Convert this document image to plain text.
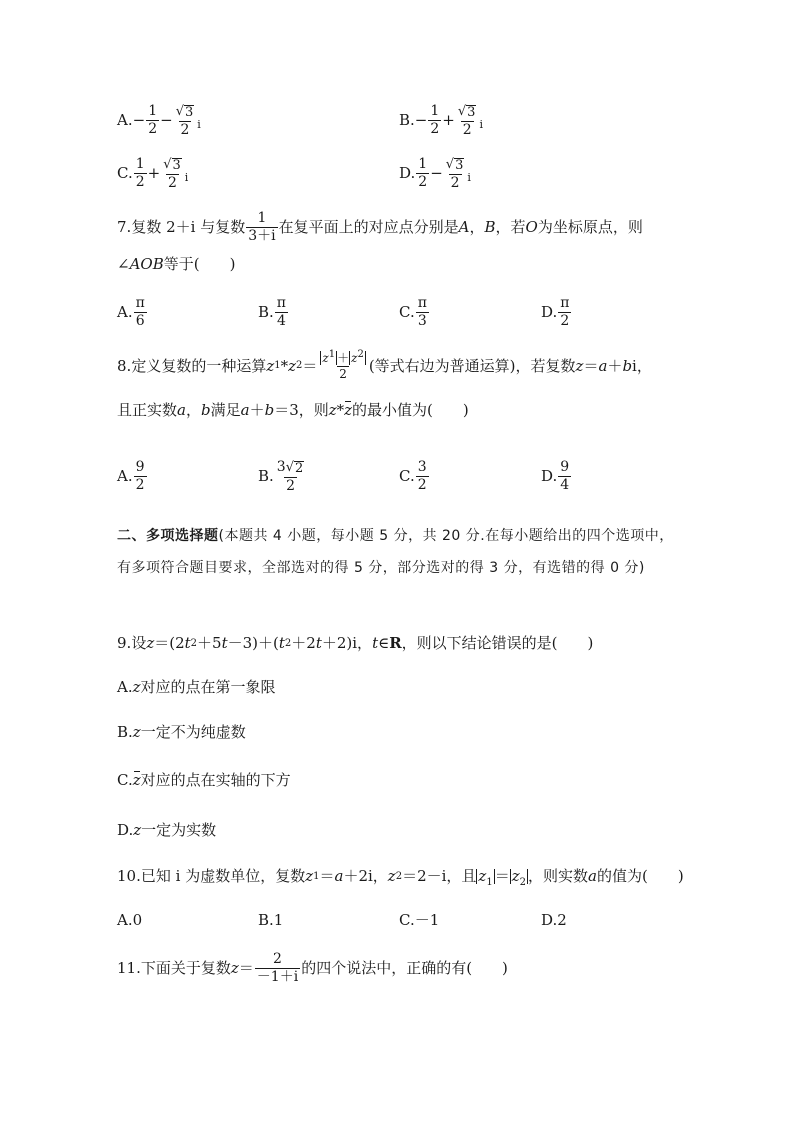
A. − $\frac{1}{2} - \frac{√ 3}{2}$ i	B. − $\frac{1}{2} + \frac{√ 3}{2}$ i
C. $\frac{1}{2} + \frac{√ 3}{2}$ i	D. $\frac{1}{2} - \frac{√ 3}{2}$ i
7. 复数 2＋i 与复数 $\frac{1}{3+i}$ 在复平面上的对应点分别是 A ， B ，若 O 为坐标原点，则
∠ AOB 等于(　　)
A. $\frac{\pi}{6}$	B. $\frac{\pi}{4}$	C. $\frac{\pi}{3}$	D. $\frac{\pi}{2}$
8. 定义复数的一种运算 z 1 * z $2 = \frac{z^1 + z^2}{2}$ (等式右边为普通运算)，若复数 z ＝ a ＋ b i，
且正实数 a ， b 满足 a ＋ b ＝3，则 z * z 的最小值为(　　)
A. $\frac{9}{2}$	B. $\frac{3 √ 2}{2}$	C. $\frac{3}{2}$	D. $\frac{9}{4}$
二、多项选择题(本题共 4 小题，每小题 5 分，共 20 分.在每小题给出的四个选项中，有多项符合题目要求，全部选对的得 5 分，部分选对的得 3 分，有选错的得 0 分)
9. 设 z ＝(2 t 2 ＋5 t －3)＋( t 2 ＋2 t ＋2)i， t ∈ R ，则以下结论错误的是(　　)
A. z 对应的点在第一象限
B. z 一定不为纯虚数
C. z 对应的点在实轴的下方
D. z 一定为实数
10. 已知 i 为虚数单位，复数 z 1 ＝ a ＋2i， z 2 ＝2－i，且 $z_1 = z_2$ ，则实数 a 的值为(　　)
A. 0	B. 1	C. －1	D. 2
11. 下面关于复数 $z = \frac{2}{-1+i}$ 的四个说法中，正确的有(　　)
